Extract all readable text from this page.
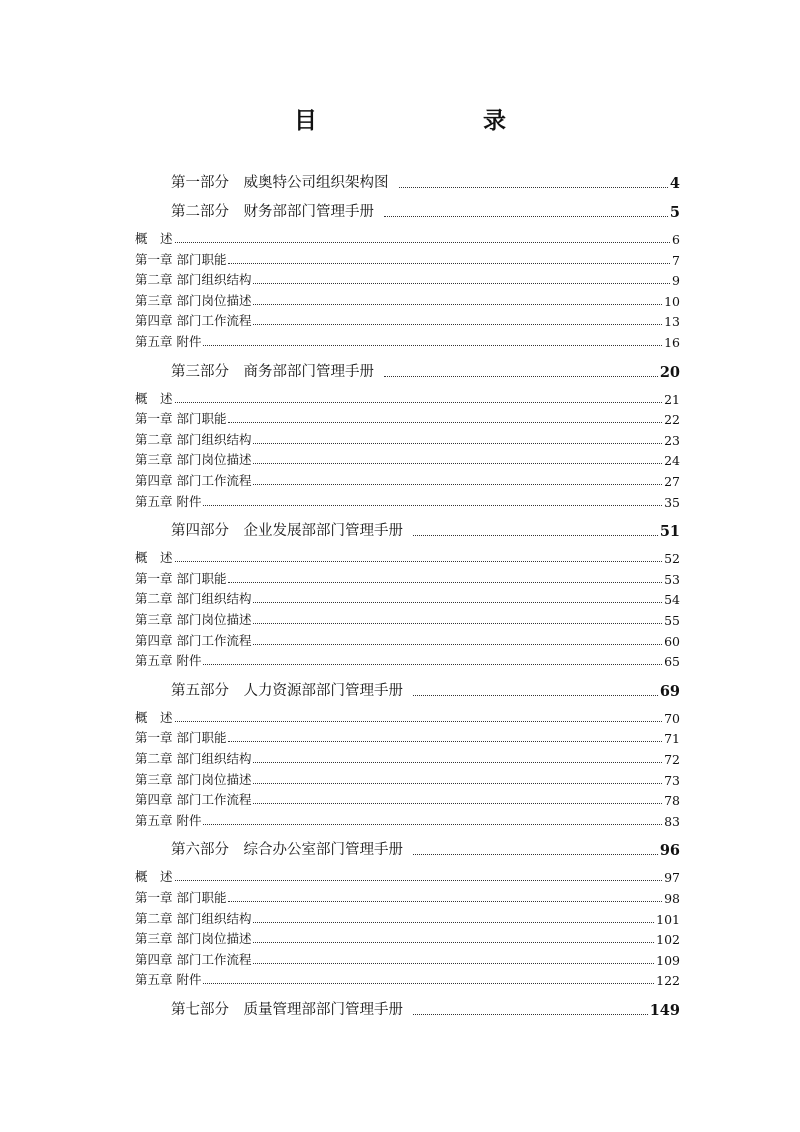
目　　录
第一部分　威奥特公司组织架构图	4
第二部分　财务部部门管理手册	5
概　述	6
第一章 部门职能	7
第二章 部门组织结构	9
第三章 部门岗位描述	10
第四章 部门工作流程	13
第五章 附件	16
第三部分　商务部部门管理手册	20
概　述	21
第一章 部门职能	22
第二章 部门组织结构	23
第三章 部门岗位描述	24
第四章 部门工作流程	27
第五章 附件	35
第四部分　企业发展部部门管理手册	51
概　述	52
第一章 部门职能	53
第二章 部门组织结构	54
第三章 部门岗位描述	55
第四章 部门工作流程	60
第五章 附件	65
第五部分　人力资源部部门管理手册	69
概　述	70
第一章 部门职能	71
第二章 部门组织结构	72
第三章 部门岗位描述	73
第四章 部门工作流程	78
第五章 附件	83
第六部分　综合办公室部门管理手册	96
概　述	97
第一章 部门职能	98
第二章 部门组织结构	101
第三章 部门岗位描述	102
第四章 部门工作流程	109
第五章 附件	122
第七部分　质量管理部部门管理手册	149
